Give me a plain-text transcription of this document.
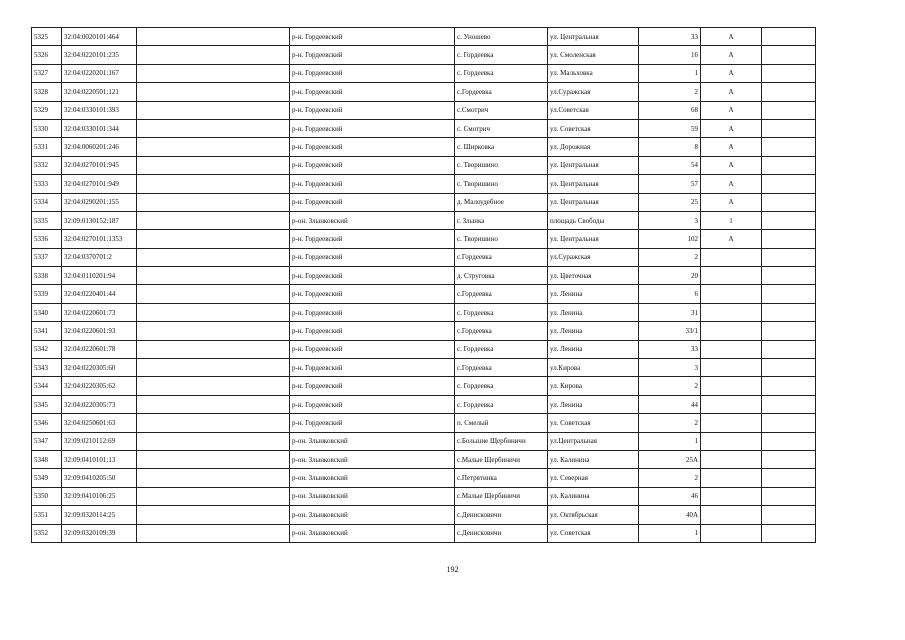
5325	32:04:0020101:464		р-н. Гордеевский	с. Уношево	ул. Центральная	33	А	
5326	32:04:0220101:235		р-н. Гордеевский	с. Гордеевка	ул. Смоленская	16	А	
5327	32:04:0220201:167		р-н. Гордеевский	с. Гордеевка	ул. Мальховка	1	А	
5328	32:04:0220501:121		р-н. Гордеевский	с.Гордеевка	ул.Суражская	2	А	
5329	32:04:0330101:393		р-н. Гордеевский	с.Смотрич	ул.Советская	68	А	
5330	32:04:0330101:344		р-н. Гордеевский	с. Смотрич	ул. Советская	59	А	
5331	32:04:0060201:246		р-н. Гордеевский	с. Ширковка	ул. Дорожная	8	А	
5332	32:04:0270101:945		р-н. Гордеевский	с. Творишино	ул. Центральная	54	А	
5333	32:04:0270101:949		р-н. Гордеевский	с. Творишино	ул. Центральная	57	А	
5334	32:04:0290201:155		р-н. Гордеевский	д. Малоудебное	ул. Центральная	25	А	
5335	32:09:0130152:187		р-он. Злынковский	г. Злынка	площадь Свободы	3	1	
5336	32:04:0270101:1353		р-н. Гордеевский	с. Творишино	ул. Центральная	102	А	
5337	32:04:0370701:2		р-н. Гордеевский	с.Гордеевка	ул.Суражская	2		
5338	32:04:0110201:94		р-н. Гордеевский	д. Струговка	ул. Цветочная	20		
5339	32:04:0220401:44		р-н. Гордеевский	с.Гордеевка	ул. Ленина	6		
5340	32:04:0220601:73		р-н. Гордеевский	с. Гордеевка	ул. Ленина	31		
5341	32:04:0220601:93		р-н. Гордеевский	с.Гордеевка	ул. Ленина	33/1		
5342	32:04:0220601:78		р-н. Гордеевский	с. Гордеевка	ул. Ленина	33		
5343	32:04:0220305:60		р-н. Гордеевский	с.Гордеевка	ул.Кирова	3		
5344	32:04:0220305:62		р-н. Гордеевский	с. Гордеевка	ул. Кирова	2		
5345	32:04:0220305:73		р-н. Гордеевский	с. Гордеевка	ул. Ленина	44		
5346	32:04:0250601:63		р-н. Гордеевский	п. Смелый	ул. Советская	2		
5347	32:09:0210112:69		р-он. Злынковский	с.Большие Щербиничи	ул.Центральная	1		
5348	32:09:0410101:13		р-он. Злынковский	с.Малые Щербиничи	ул. Калинина	25А		
5349	32:09:0410205:50		р-он. Злынковский	с.Петрятинка	ул. Северная	2		
5350	32:09:0410106:25		р-он. Злынковский	с.Малые Щербиничи	ул. Калинина	46		
5351	32:09:0320114:25		р-он. Злынковский	с.Денисковичи	ул. Октябрьская	40А		
5352	32:09:0320109:39		р-он. Злынковский	с.Денисковичи	ул. Советская	1		
192
